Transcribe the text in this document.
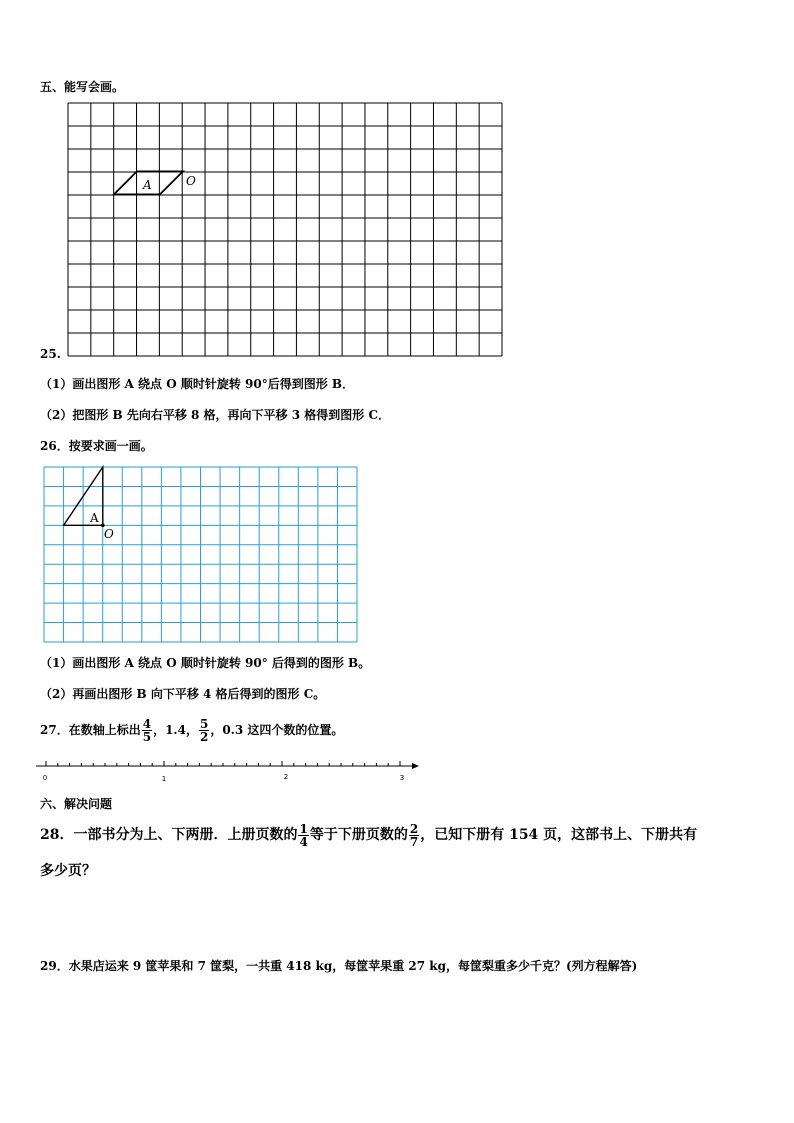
五、能写会画。
A	O
25.
（1）画出图形 A 绕点 O 顺时针旋转 90°后得到图形 B．
（2）把图形 B 先向右平移 8 格，再向下平移 3 格得到图形 C．
26．按要求画一画。
A
O
（1）画出图形 A 绕点 O 顺时针旋转 90° 后得到的图形 B。
（2）再画出图形 B 向下平移 4 格后得到的图形 C。
27．在数轴上标出 $\frac{4}{5}$ ，1.4， $\frac{5}{2}$ ，0.3 这四个数的位置。
0	1	2	3
六、解决问题
28．一部书分为上、下两册．上册页数的 $\frac{1}{4}$ 等于下册页数的 $\frac{2}{7}$ ，已知下册有 154 页，这部书上、下册共有
多少页？
29．水果店运来 9 筐苹果和 7 筐梨，一共重 418 kg，每筐苹果重 27 kg，每筐梨重多少千克？(列方程解答)
